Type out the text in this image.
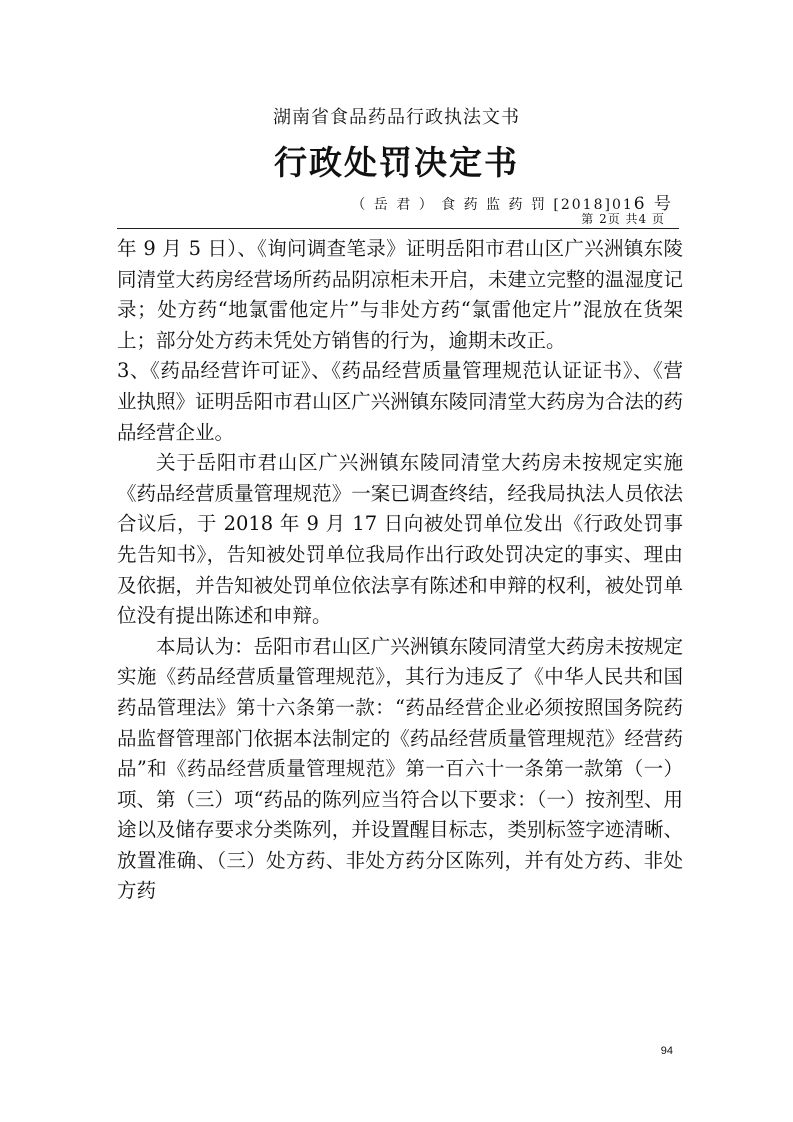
湖南省食品药品行政执法文书
行政处罚决定书
（ 岳 君 ） 食 药 监 药 罚 [2018]016 号
第 2页 共4 页

年 9 月 5 日）、《询问调查笔录》证明岳阳市君山区广兴洲镇东陵同清堂大药房经营场所药品阴凉柜未开启，未建立完整的温湿度记录；处方药“地氯雷他定片”与非处方药“氯雷他定片”混放在货架上；部分处方药未凭处方销售的行为，逾期未改正。

3、《药品经营许可证》、《药品经营质量管理规范认证证书》、《营业执照》证明岳阳市君山区广兴洲镇东陵同清堂大药房为合法的药品经营企业。

关于岳阳市君山区广兴洲镇东陵同清堂大药房未按规定实施《药品经营质量管理规范》一案已调查终结，经我局执法人员依法合议后，于 2018 年 9 月 17 日向被处罚单位发出《行政处罚事先告知书》，告知被处罚单位我局作出行政处罚决定的事实、理由及依据，并告知被处罚单位依法享有陈述和申辩的权利，被处罚单位没有提出陈述和申辩。

本局认为：岳阳市君山区广兴洲镇东陵同清堂大药房未按规定实施《药品经营质量管理规范》，其行为违反了《中华人民共和国药品管理法》第十六条第一款：“药品经营企业必须按照国务院药品监督管理部门依据本法制定的《药品经营质量管理规范》经营药品”和《药品经营质量管理规范》第一百六十一条第一款第（一）项、第（三）项“药品的陈列应当符合以下要求：（一）按剂型、用途以及储存要求分类陈列，并设置醒目标志，类别标签字迹清晰、放置准确、（三）处方药、非处方药分区陈列，并有处方药、非处方药

94
